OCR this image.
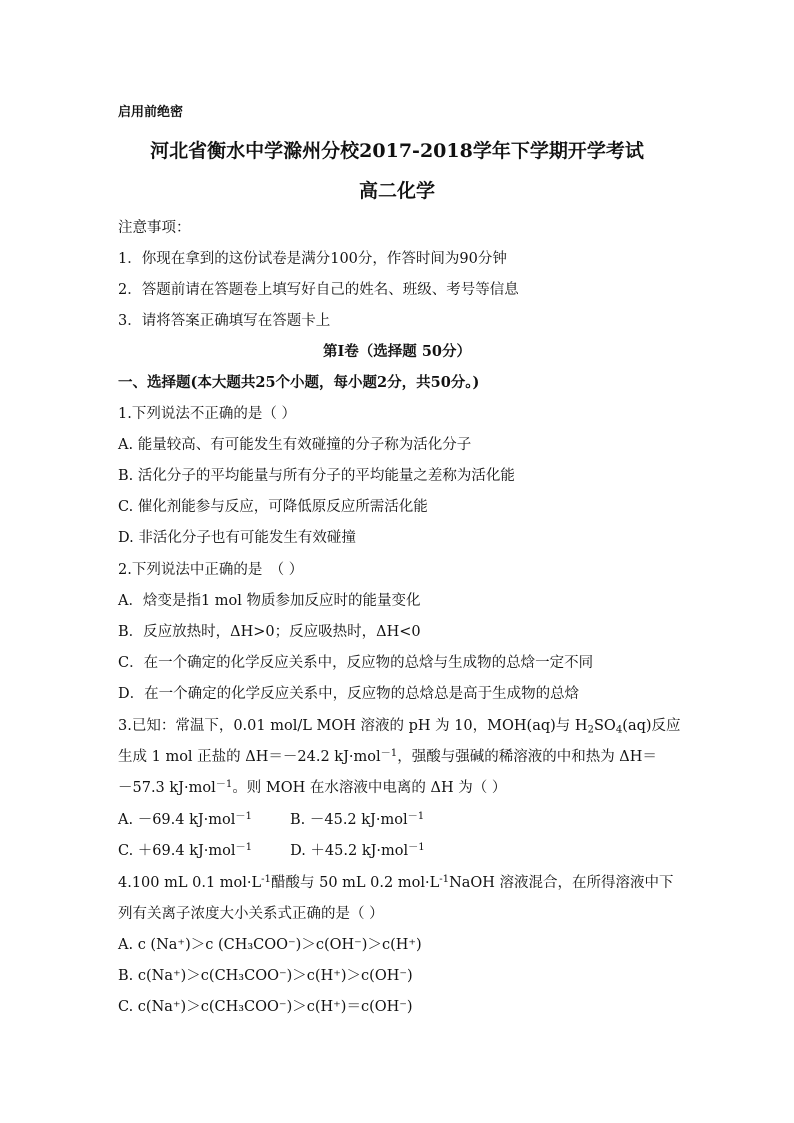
启用前绝密
河北省衡水中学滁州分校2017-2018学年下学期开学考试
高二化学
注意事项：
1．你现在拿到的这份试卷是满分100分，作答时间为90分钟
2．答题前请在答题卷上填写好自己的姓名、班级、考号等信息
3．请将答案正确填写在答题卡上
第I卷（选择题 50分）
一、选择题(本大题共25个小题，每小题2分，共50分。)
1.下列说法不正确的是（ ）
A. 能量较高、有可能发生有效碰撞的分子称为活化分子
B. 活化分子的平均能量与所有分子的平均能量之差称为活化能
C. 催化剂能参与反应，可降低原反应所需活化能
D. 非活化分子也有可能发生有效碰撞
2.下列说法中正确的是　（ ）
A．焓变是指1 mol 物质参加反应时的能量变化
B．反应放热时，ΔH>0；反应吸热时，ΔH<0
C．在一个确定的化学反应关系中，反应物的总焓与生成物的总焓一定不同
D．在一个确定的化学反应关系中，反应物的总焓总是高于生成物的总焓
3.已知：常温下，0.01 mol/L MOH 溶液的 pH 为 10，MOH(aq)与 $H_2SO_4(aq)$反应
生成 1 mol 正盐的 ΔH＝－24.2 kJ·mol$^{-1}$，强酸与强碱的稀溶液的中和热为 ΔH＝
－57.3 kJ·mol$^{-1}$。则 MOH 在水溶液中电离的 ΔH 为（ ）
A. －69.4 kJ·mol$^{-1}$	B. －45.2 kJ·mol$^{-1}$
C. ＋69.4 kJ·mol$^{-1}$	D. ＋45.2 kJ·mol$^{-1}$
4.100 mL 0.1 $mol\cdot L^{-1}$醋酸与 50 mL 0.2 $mol\cdot L^{-1}NaOH$ 溶液混合，在所得溶液中下
列有关离子浓度大小关系式正确的是（ ）
A. c (Na⁺)＞c (CH₃COO⁻)＞c(OH⁻)＞c(H⁺)
B. c(Na⁺)＞c(CH₃COO⁻)＞c(H⁺)＞c(OH⁻)
C. c(Na⁺)＞c(CH₃COO⁻)＞c(H⁺)＝c(OH⁻)
